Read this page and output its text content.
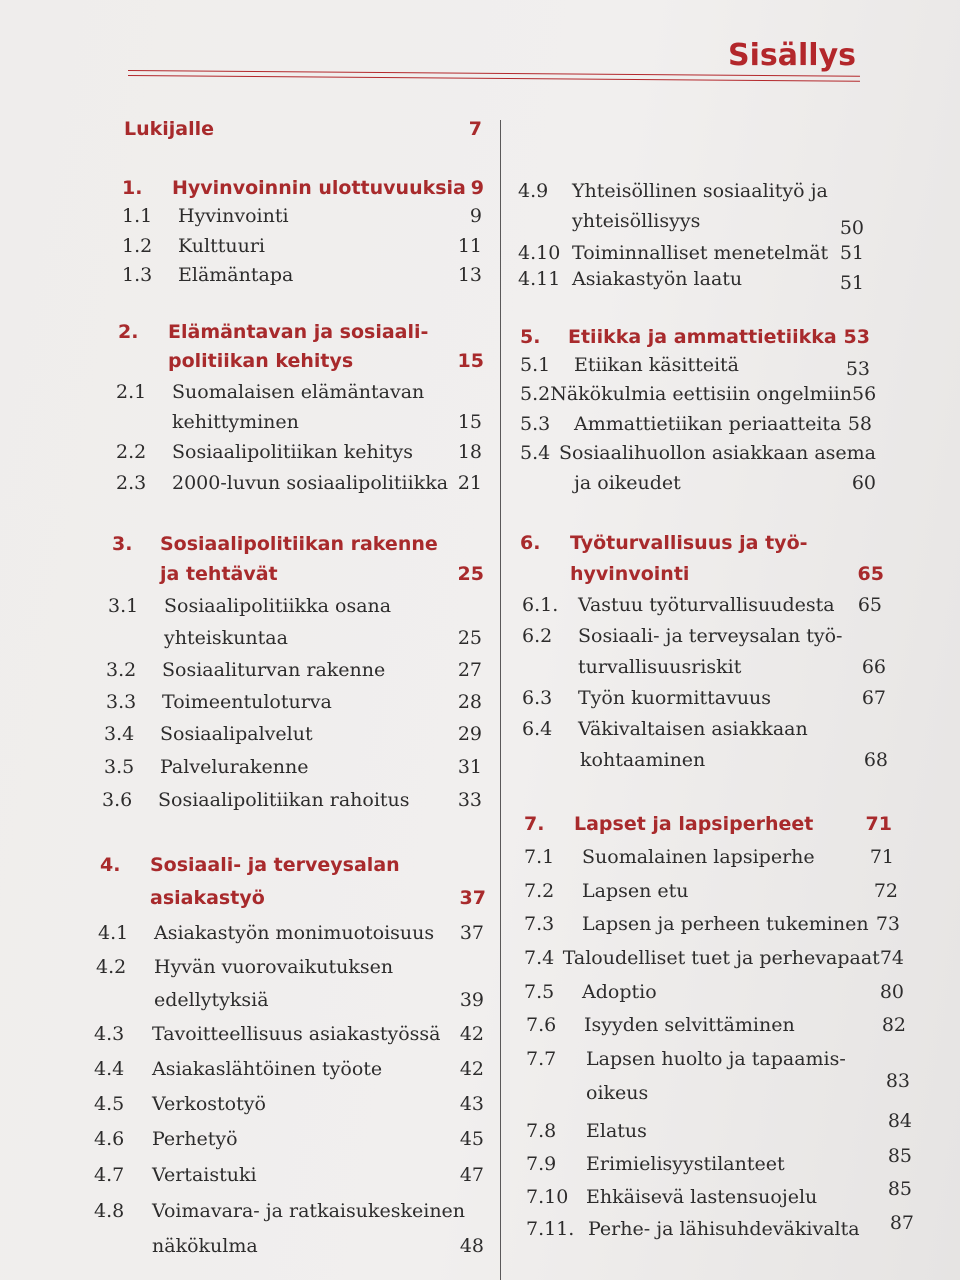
Sisällys
Lukijalle	7
1.	Hyvinvoinnin ulottuvuuksia 9
1.1	Hyvinvointi	9
1.2	Kulttuuri	11
1.3	Elämäntapa	13
2.	Elämäntavan ja sosiaali-
politiikan kehitys	15
2.1	Suomalaisen elämäntavan
kehittyminen	15
2.2	Sosiaalipolitiikan kehitys	18
2.3	2000-luvun sosiaalipolitiikka 21
3.	Sosiaalipolitiikan rakenne
ja tehtävät	25
3.1	Sosiaalipolitiikka osana
yhteiskuntaa	25
3.2	Sosiaaliturvan rakenne	27
3.3	Toimeentuloturva	28
3.4	Sosiaalipalvelut	29
3.5	Palvelurakenne	31
3.6	Sosiaalipolitiikan rahoitus	33
4.	Sosiaali- ja terveysalan
asiakastyö	37
4.1	Asiakastyön monimuotoisuus	37
4.2	Hyvän vuorovaikutuksen
edellytyksiä	39
4.3	Tavoitteellisuus asiakastyössä	42
4.4	Asiakaslähtöinen työote	42
4.5	Verkostotyö	43
4.6	Perhetyö	45
4.7	Vertaistuki	47
4.8	Voimavara- ja ratkaisukeskeinen
näkökulma	48
4.9	Yhteisöllinen sosiaalityö ja
yhteisöllisyys	50
4.10 Toiminnalliset menetelmät 51
4.11 Asiakastyön laatu	51
5.	Etiikka ja ammattietiikka 53
5.1	Etiikan käsitteitä	53
5.2 Näkökulmia eettisiin ongelmiin 56
5.3	Ammattietiikan periaatteita 58
5.4 Sosiaalihuollon asiakkaan asema
ja oikeudet	60
6.	Työturvallisuus ja työ-
hyvinvointi	65
6.1.	Vastuu työturvallisuudesta	65
6.2	Sosiaali- ja terveysalan työ-
turvallisuusriskit	66
6.3	Työn kuormittavuus	67
6.4	Väkivaltaisen asiakkaan
kohtaaminen	68
7.	Lapset ja lapsiperheet	71
7.1	Suomalainen lapsiperhe	71
7.2	Lapsen etu	72
7.3	Lapsen ja perheen tukeminen 73
7.4 Taloudelliset tuet ja perhevapaat 74
7.5	Adoptio	80
7.6	Isyyden selvittäminen	82
7.7	Lapsen huolto ja tapaamis-
oikeus
83
7.8	Elatus	84
7.9	Erimielisyystilanteet	85
7.10 Ehkäisevä lastensuojelu	85
7.11. Perhe- ja lähisuhdeväkivalta	87
